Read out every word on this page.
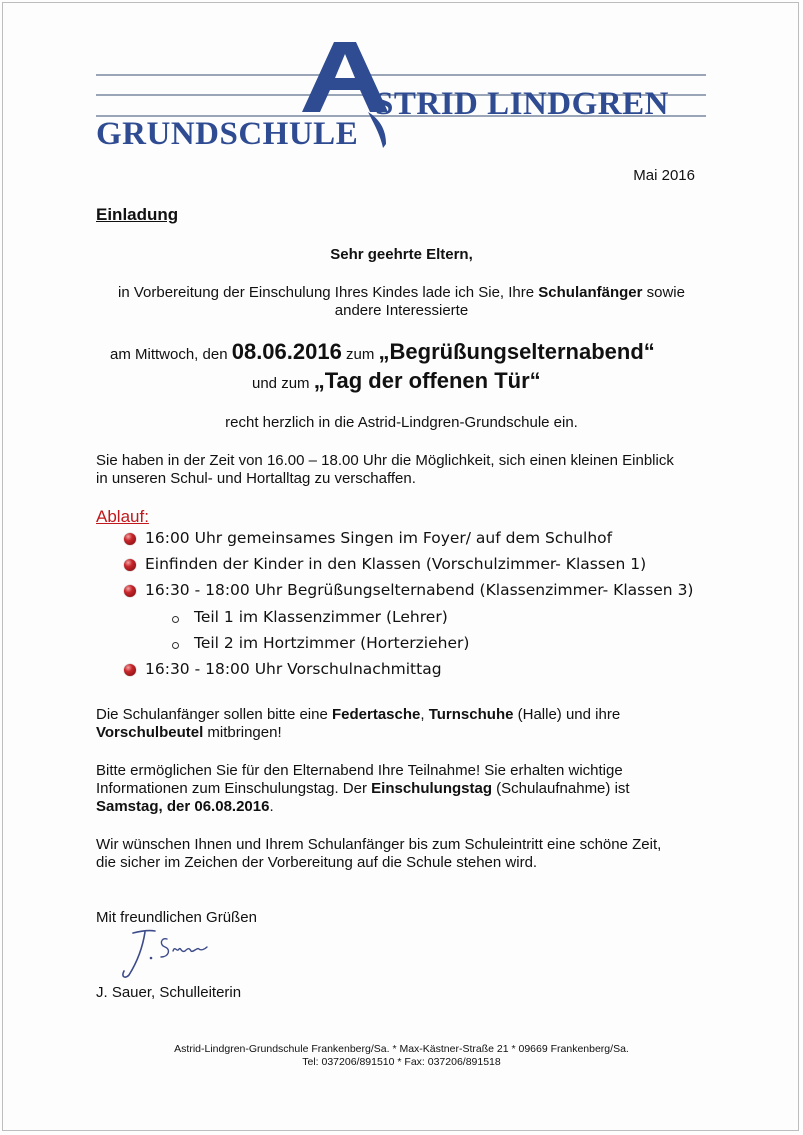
STRID LINDGREN
GRUNDSCHULE
Mai 2016
Einladung
Sehr geehrte Eltern,
in Vorbereitung der Einschulung Ihres Kindes lade ich Sie, Ihre Schulanfänger sowie
andere Interessierte
am Mittwoch, den 08.06.2016 zum „Begrüßungselternabend“
und zum „Tag der offenen Tür“
recht herzlich in die Astrid-Lindgren-Grundschule ein.
Sie haben in der Zeit von 16.00 – 18.00 Uhr die Möglichkeit, sich einen kleinen Einblick
in unseren Schul- und Hortalltag zu verschaffen.
Ablauf:
16:00 Uhr gemeinsames Singen im Foyer/ auf dem Schulhof
Einfinden der Kinder in den Klassen (Vorschulzimmer- Klassen 1)
16:30 - 18:00 Uhr Begrüßungselternabend (Klassenzimmer- Klassen 3)
Teil 1 im Klassenzimmer (Lehrer)
Teil 2 im Hortzimmer (Horterzieher)
16:30 - 18:00 Uhr Vorschulnachmittag
Die Schulanfänger sollen bitte eine Federtasche, Turnschuhe (Halle) und ihre
Vorschulbeutel mitbringen!
Bitte ermöglichen Sie für den Elternabend Ihre Teilnahme! Sie erhalten wichtige
Informationen zum Einschulungstag. Der Einschulungstag (Schulaufnahme) ist
Samstag, der 06.08.2016.
Wir wünschen Ihnen und Ihrem Schulanfänger bis zum Schuleintritt eine schöne Zeit,
die sicher im Zeichen der Vorbereitung auf die Schule stehen wird.
Mit freundlichen Grüßen
J. Sauer, Schulleiterin
Astrid-Lindgren-Grundschule Frankenberg/Sa. * Max-Kästner-Straße 21 * 09669 Frankenberg/Sa.
Tel: 037206/891510 * Fax: 037206/891518
